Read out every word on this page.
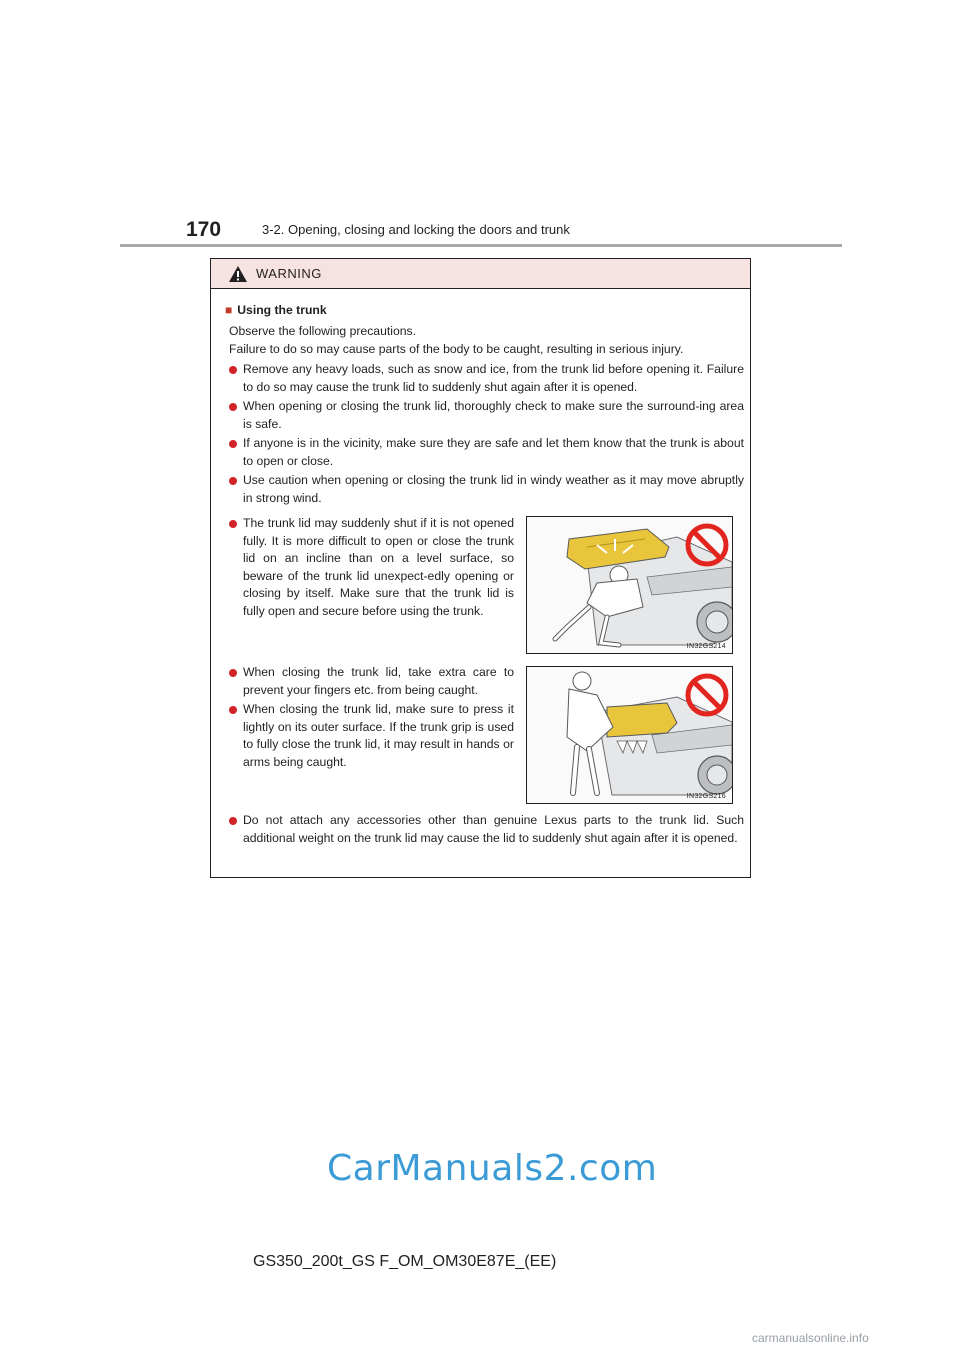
170	3-2. Opening, closing and locking the doors and trunk
WARNING
■ Using the trunk
Observe the following precautions.
Failure to do so may cause parts of the body to be caught, resulting in serious injury.
Remove any heavy loads, such as snow and ice, from the trunk lid before opening it. Failure to do so may cause the trunk lid to suddenly shut again after it is opened.
When opening or closing the trunk lid, thoroughly check to make sure the surround-ing area is safe.
If anyone is in the vicinity, make sure they are safe and let them know that the trunk is about to open or close.
Use caution when opening or closing the trunk lid in windy weather as it may move abruptly in strong wind.
The trunk lid may suddenly shut if it is not opened fully. It is more difficult to open or close the trunk lid on an incline than on a level surface, so beware of the trunk lid unexpect-edly opening or closing by itself. Make sure that the trunk lid is fully open and secure before using the trunk.
When closing the trunk lid, take extra care to prevent your fingers etc. from being caught.
When closing the trunk lid, make sure to press it lightly on its outer surface. If the trunk grip is used to fully close the trunk lid, it may result in hands or arms being caught.
Do not attach any accessories other than genuine Lexus parts to the trunk lid. Such additional weight on the trunk lid may cause the lid to suddenly shut again after it is opened.
IN32GS214
IN32GS216
CarManuals2.com
GS350_200t_GS F_OM_OM30E87E_(EE)
carmanualsonline.info
